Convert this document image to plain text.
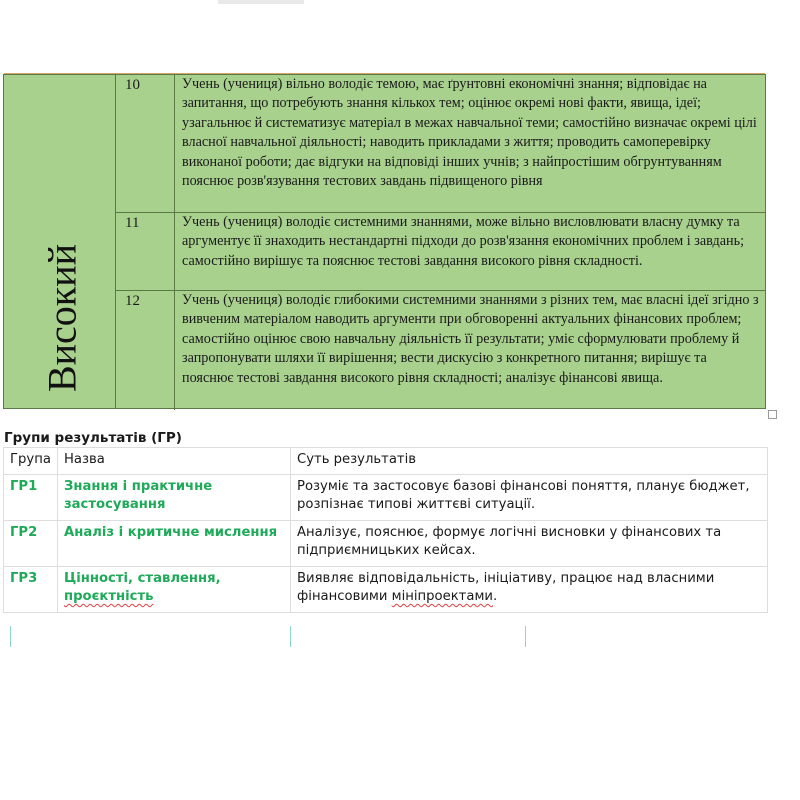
Високий
10	Учень (учениця) вільно володіє темою, має ґрунтовні економічні знання; відповідає на запитання, що потребують знання кількох тем; оцінює окремі нові факти, явища, ідеї; узагальнює й систематизує матеріал в межах навчальної теми; самостійно визначає окремі цілі власної навчальної діяльності; наводить прикладами з життя; проводить самоперевірку виконаної роботи; дає відгуки на відповіді інших учнів; з найпростішим обгрунтуванням пояснює розв'язування тестових завдань підвищеного рівня
11	Учень (учениця) володіє системними знаннями, може вільно висловлювати власну думку та аргументує її знаходить нестандартні підходи до розв'язання економічних проблем і завдань; самостійно вирішує та пояснює тестові завдання високого рівня складності.
12	Учень (учениця) володіє глибокими системними знаннями з різних тем, має власні ідеї згідно з вивченим матеріалом наводить аргументи при обговоренні актуальних фінансових проблем; самостійно оцінює свою навчальну діяльність її результати; уміє сформулювати проблему й запропонувати шляхи її вирішення; вести дискусію з конкретного питання; вирішує та пояснює тестові завдання високого рівня складності; аналізує фінансові явища.
Групи результатів (ГР)
Група	Назва	Суть результатів
ГР1	Знання і практичне застосування	Розуміє та застосовує базові фінансові поняття, планує бюджет, розпізнає типові життєві ситуації.
ГР2	Аналіз і критичне мислення	Аналізує, пояснює, формує логічні висновки у фінансових та підприємницьких кейсах.
ГР3	Цінності, ставлення, проєктність	Виявляє відповідальність, ініціативу, працює над власними фінансовими мініпроектами.
